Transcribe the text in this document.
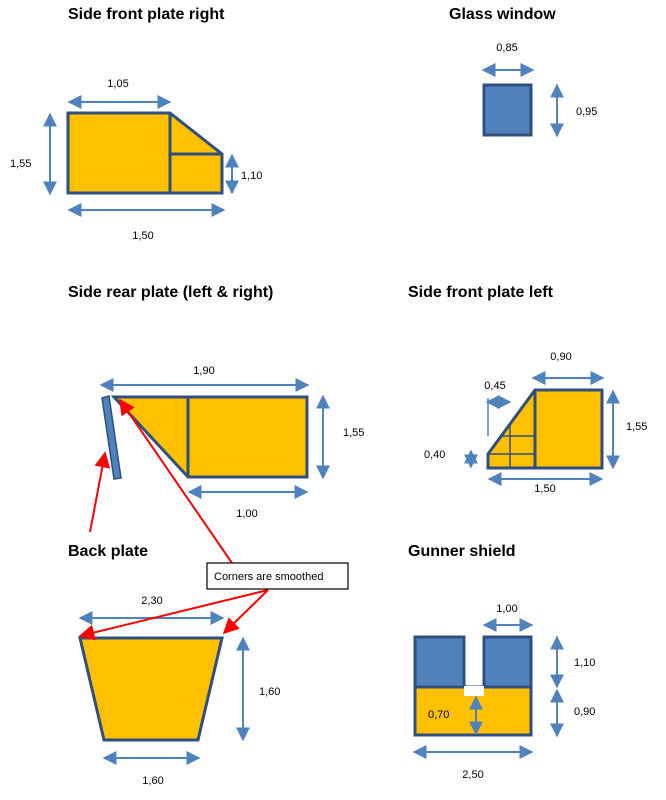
Side front plate right
1,05
1,55
1,10
1,50
Glass window
0,85
0,95
Side rear plate (left & right)
1,90
1,55
1,00
Side front plate left
0,90
0,45
1,55
0,40
1,50
Back plate
2,30
1,60
1,60
Gunner shield
1,00
1,10
0,90
0,70
2,50
Corners are smoothed
